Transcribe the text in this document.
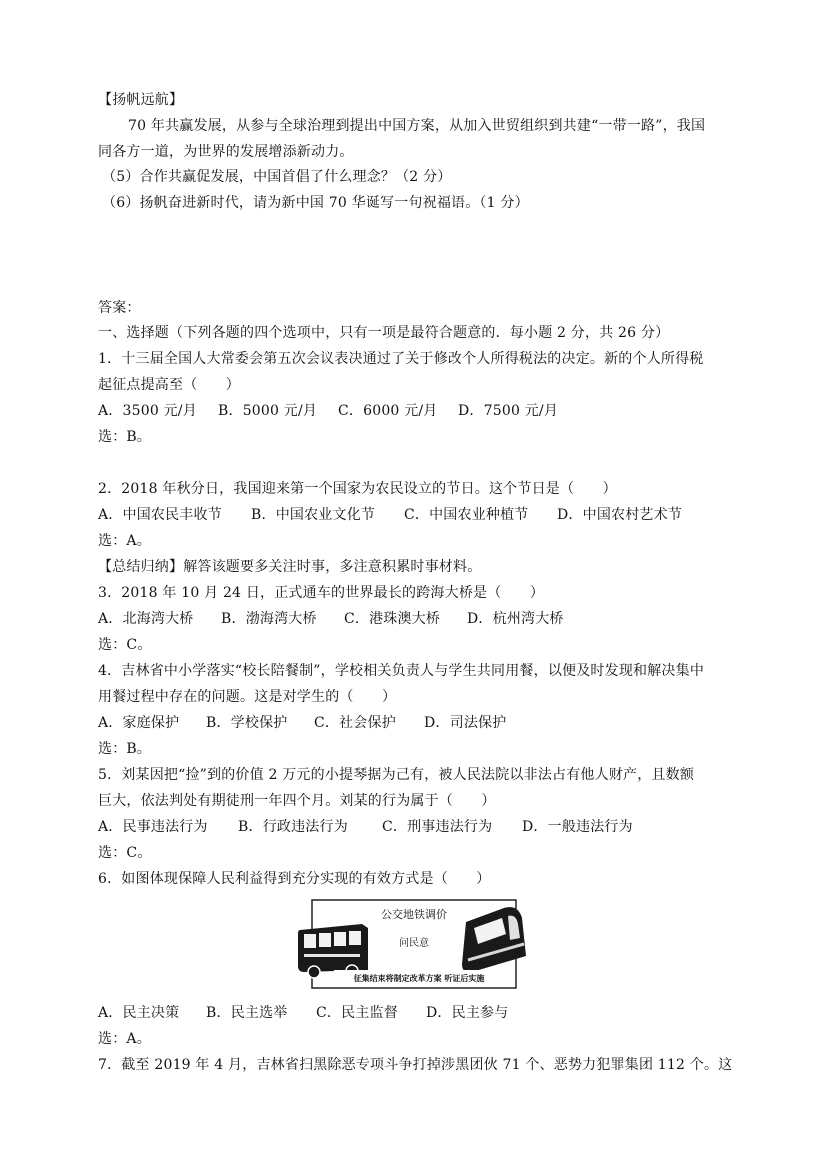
【扬帆远航】
70 年共赢发展，从参与全球治理到提出中国方案，从加入世贸组织到共建“一带一路”，我国
同各方一道，为世界的发展增添新动力。
（5）合作共赢促发展，中国首倡了什么理念？（2 分）
（6）扬帆奋进新时代，请为新中国 70 华诞写一句祝福语。（1 分）
答案：
一、选择题（下列各题的四个选项中，只有一项是最符合题意的．每小题 2 分，共 26 分）
1．十三届全国人大常委会第五次会议表决通过了关于修改个人所得税法的决定。新的个人所得税
起征点提高至（　　）
A．3500 元/月 B．5000 元/月 C．6000 元/月 D．7500 元/月
选：B。
2．2018 年秋分日，我国迎来第一个国家为农民设立的节日。这个节日是（　　）
A．中国农民丰收节 B．中国农业文化节 C．中国农业种植节 D．中国农村艺术节
选：A。
【总结归纳】解答该题要多关注时事，多注意积累时事材料。
3．2018 年 10 月 24 日，正式通车的世界最长的跨海大桥是（　　）
A．北海湾大桥 B．渤海湾大桥 C．港珠澳大桥 D．杭州湾大桥
选：C。
4．吉林省中小学落实“校长陪餐制”，学校相关负责人与学生共同用餐，以便及时发现和解决集中
用餐过程中存在的问题。这是对学生的（　　）
A．家庭保护 B．学校保护 C．社会保护 D．司法保护
选：B。
5．刘某因把“捡”到的价值 2 万元的小提琴据为己有，被人民法院以非法占有他人财产，且数额
巨大，依法判处有期徒刑一年四个月。刘某的行为属于（　　）
A．民事违法行为 B．行政违法行为 C．刑事违法行为 D．一般违法行为
选：C。
6．如图体现保障人民利益得到充分实现的有效方式是（　　）
公交地铁调价
问民意
征集结束将制定改革方案 听证后实施
A．民主决策 B．民主选举 C．民主监督 D．民主参与
选：A。
7．截至 2019 年 4 月，吉林省扫黑除恶专项斗争打掉涉黑团伙 71 个、恶势力犯罪集团 112 个。这
